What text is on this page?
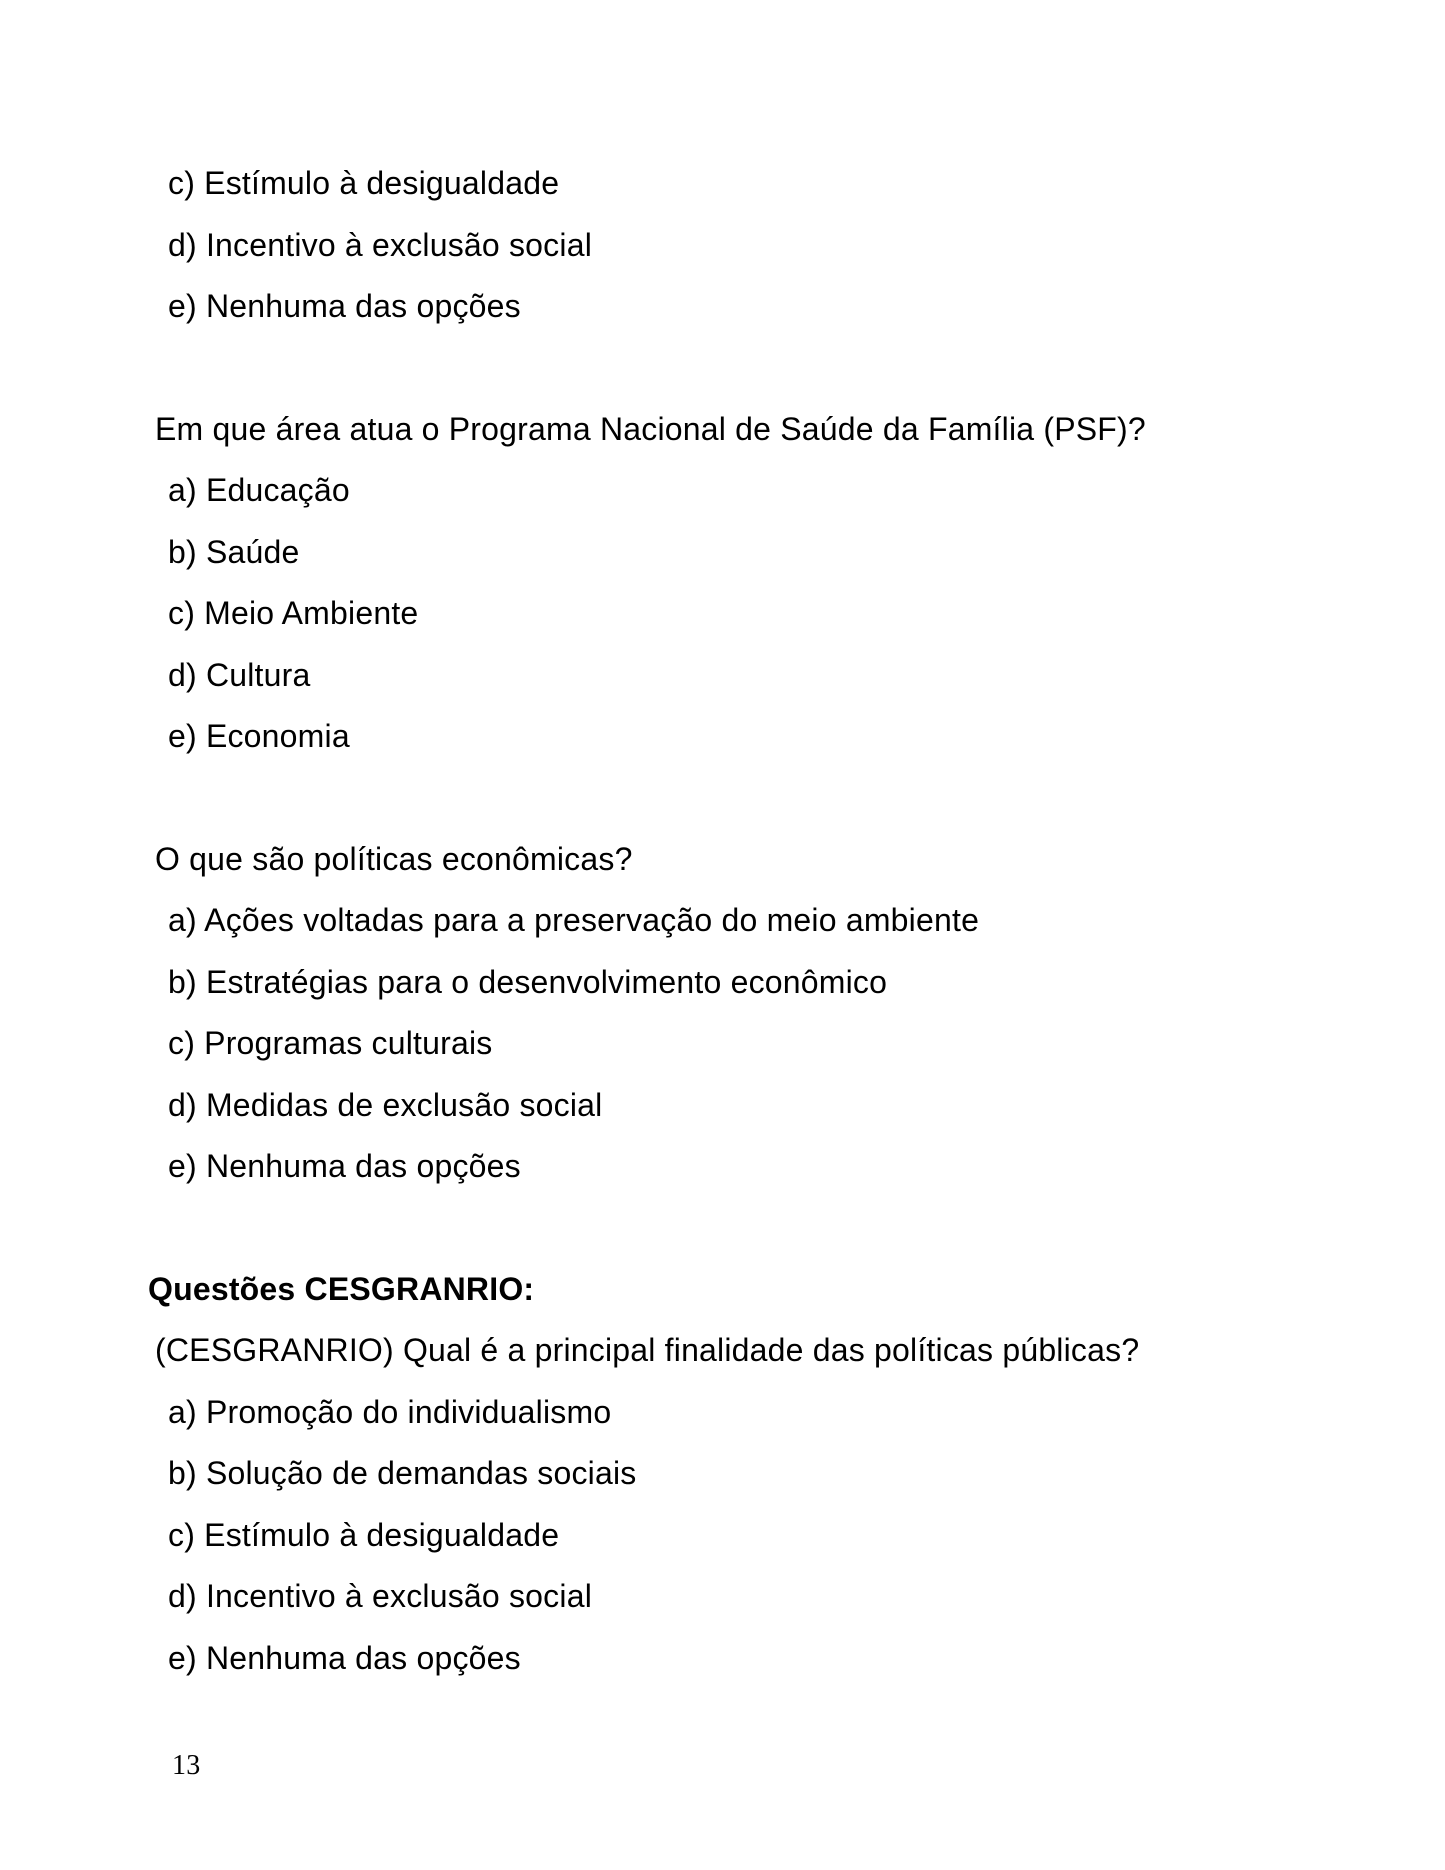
c) Estímulo à desigualdade
d) Incentivo à exclusão social
e) Nenhuma das opções
Em que área atua o Programa Nacional de Saúde da Família (PSF)?
a) Educação
b) Saúde
c) Meio Ambiente
d) Cultura
e) Economia
O que são políticas econômicas?
a) Ações voltadas para a preservação do meio ambiente
b) Estratégias para o desenvolvimento econômico
c) Programas culturais
d) Medidas de exclusão social
e) Nenhuma das opções
Questões CESGRANRIO:
(CESGRANRIO) Qual é a principal finalidade das políticas públicas?
a) Promoção do individualismo
b) Solução de demandas sociais
c) Estímulo à desigualdade
d) Incentivo à exclusão social
e) Nenhuma das opções
13
